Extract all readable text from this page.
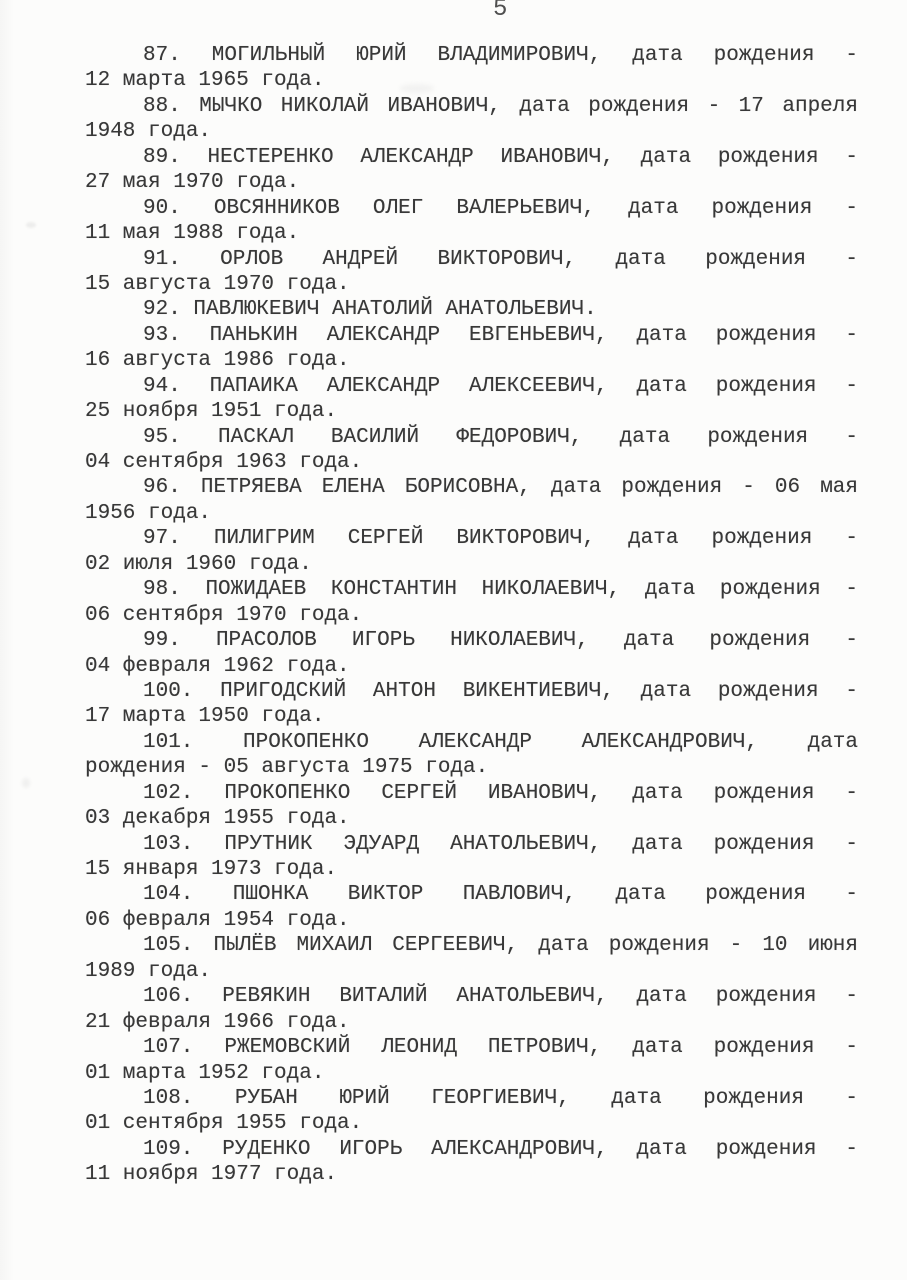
5
87. МОГИЛЬНЫЙ ЮРИЙ ВЛАДИМИРОВИЧ, дата рождения -
12 марта 1965 года.
88. МЫЧКО НИКОЛАЙ ИВАНОВИЧ, дата рождения - 17 апреля
1948 года.
89. НЕСТЕРЕНКО АЛЕКСАНДР ИВАНОВИЧ, дата рождения -
27 мая 1970 года.
90. ОВСЯННИКОВ ОЛЕГ ВАЛЕРЬЕВИЧ, дата рождения -
11 мая 1988 года.
91. ОРЛОВ АНДРЕЙ ВИКТОРОВИЧ, дата рождения -
15 августа 1970 года.
92. ПАВЛЮКЕВИЧ АНАТОЛИЙ АНАТОЛЬЕВИЧ.
93. ПАНЬКИН АЛЕКСАНДР ЕВГЕНЬЕВИЧ, дата рождения -
16 августа 1986 года.
94. ПАПАИКА АЛЕКСАНДР АЛЕКСЕЕВИЧ, дата рождения -
25 ноября 1951 года.
95. ПАСКАЛ ВАСИЛИЙ ФЕДОРОВИЧ, дата рождения -
04 сентября 1963 года.
96. ПЕТРЯЕВА ЕЛЕНА БОРИСОВНА, дата рождения - 06 мая
1956 года.
97. ПИЛИГРИМ СЕРГЕЙ ВИКТОРОВИЧ, дата рождения -
02 июля 1960 года.
98. ПОЖИДАЕВ КОНСТАНТИН НИКОЛАЕВИЧ, дата рождения -
06 сентября 1970 года.
99. ПРАСОЛОВ ИГОРЬ НИКОЛАЕВИЧ, дата рождения -
04 февраля 1962 года.
100. ПРИГОДСКИЙ АНТОН ВИКЕНТИЕВИЧ, дата рождения -
17 марта 1950 года.
101. ПРОКОПЕНКО АЛЕКСАНДР АЛЕКСАНДРОВИЧ, дата
рождения - 05 августа 1975 года.
102. ПРОКОПЕНКО СЕРГЕЙ ИВАНОВИЧ, дата рождения -
03 декабря 1955 года.
103. ПРУТНИК ЭДУАРД АНАТОЛЬЕВИЧ, дата рождения -
15 января 1973 года.
104. ПШОНКА ВИКТОР ПАВЛОВИЧ, дата рождения -
06 февраля 1954 года.
105. ПЫЛЁВ МИХАИЛ СЕРГЕЕВИЧ, дата рождения - 10 июня
1989 года.
106. РЕВЯКИН ВИТАЛИЙ АНАТОЛЬЕВИЧ, дата рождения -
21 февраля 1966 года.
107. РЖЕМОВСКИЙ ЛЕОНИД ПЕТРОВИЧ, дата рождения -
01 марта 1952 года.
108. РУБАН ЮРИЙ ГЕОРГИЕВИЧ, дата рождения -
01 сентября 1955 года.
109. РУДЕНКО ИГОРЬ АЛЕКСАНДРОВИЧ, дата рождения -
11 ноября 1977 года.
